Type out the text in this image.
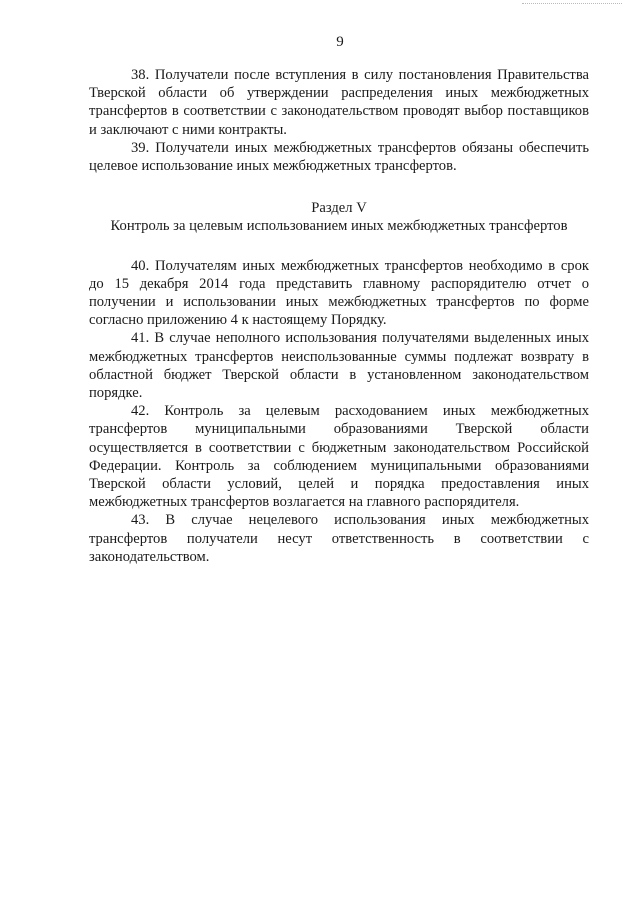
9

38. Получатели после вступления в силу постановления Правительства Тверской области об утверждении распределения иных межбюджетных трансфертов в соответствии с законодательством проводят выбор поставщиков и заключают с ними контракты.

39. Получатели иных межбюджетных трансфертов обязаны обеспечить целевое использование иных межбюджетных трансфертов.

Раздел V

Контроль за целевым использованием иных межбюджетных трансфертов

40. Получателям иных межбюджетных трансфертов необходимо в срок до 15 декабря 2014 года представить главному распорядителю отчет о получении и использовании иных межбюджетных трансфертов по форме согласно приложению 4 к настоящему Порядку.

41. В случае неполного использования получателями выделенных иных межбюджетных трансфертов неиспользованные суммы подлежат возврату в областной бюджет Тверской области в установленном законодательством порядке.

42. Контроль за целевым расходованием иных межбюджетных трансфертов муниципальными образованиями Тверской области осуществляется в соответствии с бюджетным законодательством Российской Федерации. Контроль за соблюдением муниципальными образованиями Тверской области условий, целей и порядка предоставления иных межбюджетных трансфертов возлагается на главного распорядителя.

43. В случае нецелевого использования иных межбюджетных трансфертов получатели несут ответственность в соответствии с законодательством.
